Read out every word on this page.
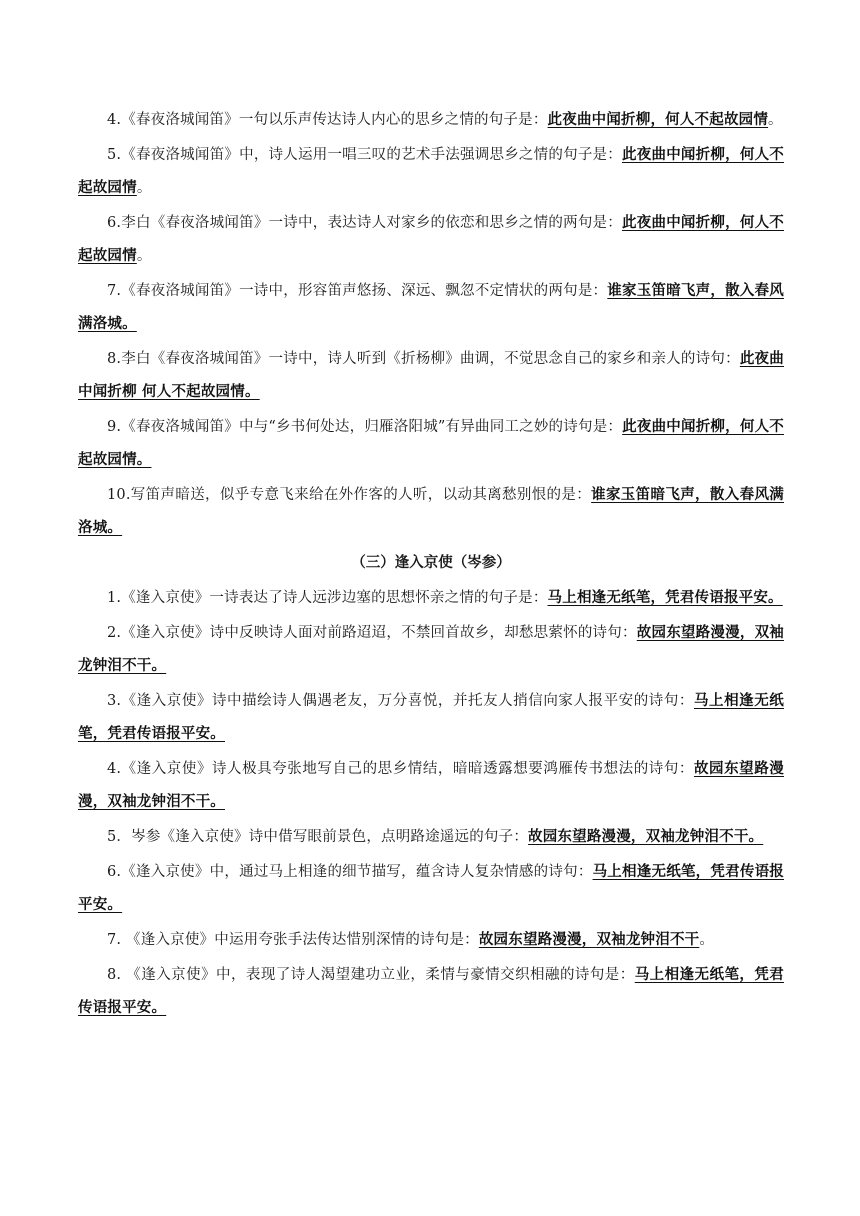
4.《春夜洛城闻笛》一句以乐声传达诗人内心的思乡之情的句子是：此夜曲中闻折柳，何人不起故园情。

5.《春夜洛城闻笛》中，诗人运用一唱三叹的艺术手法强调思乡之情的句子是：此夜曲中闻折柳，何人不起故园情。

6.李白《春夜洛城闻笛》一诗中，表达诗人对家乡的依恋和思乡之情的两句是：此夜曲中闻折柳，何人不起故园情。

7.《春夜洛城闻笛》一诗中，形容笛声悠扬、深远、飘忽不定情状的两句是：谁家玉笛暗飞声，散入春风满洛城。

8.李白《春夜洛城闻笛》一诗中，诗人听到《折杨柳》曲调，不觉思念自己的家乡和亲人的诗句：此夜曲中闻折柳 何人不起故园情。

9.《春夜洛城闻笛》中与“乡书何处达，归雁洛阳城”有异曲同工之妙的诗句是：此夜曲中闻折柳，何人不起故园情。

10.写笛声暗送，似乎专意飞来给在外作客的人听，以动其离愁别恨的是：谁家玉笛暗飞声，散入春风满洛城。

（三）逢入京使（岑参）

1.《逢入京使》一诗表达了诗人远涉边塞的思想怀亲之情的句子是：马上相逢无纸笔，凭君传语报平安。

2.《逢入京使》诗中反映诗人面对前路迢迢，不禁回首故乡，却愁思萦怀的诗句：故园东望路漫漫，双袖龙钟泪不干。

3.《逢入京使》诗中描绘诗人偶遇老友，万分喜悦，并托友人捎信向家人报平安的诗句：马上相逢无纸笔，凭君传语报平安。

4.《逢入京使》诗人极具夸张地写自己的思乡情结，暗暗透露想要鸿雁传书想法的诗句：故园东望路漫漫，双袖龙钟泪不干。

5．岑参《逢入京使》诗中借写眼前景色，点明路途遥远的句子：故园东望路漫漫，双袖龙钟泪不干。

6.《逢入京使》中，通过马上相逢的细节描写，蕴含诗人复杂情感的诗句：马上相逢无纸笔，凭君传语报平安。

7. 《逢入京使》中运用夸张手法传达惜别深情的诗句是：故园东望路漫漫，双袖龙钟泪不干。

8. 《逢入京使》中，表现了诗人渴望建功立业，柔情与豪情交织相融的诗句是：马上相逢无纸笔，凭君传语报平安。
